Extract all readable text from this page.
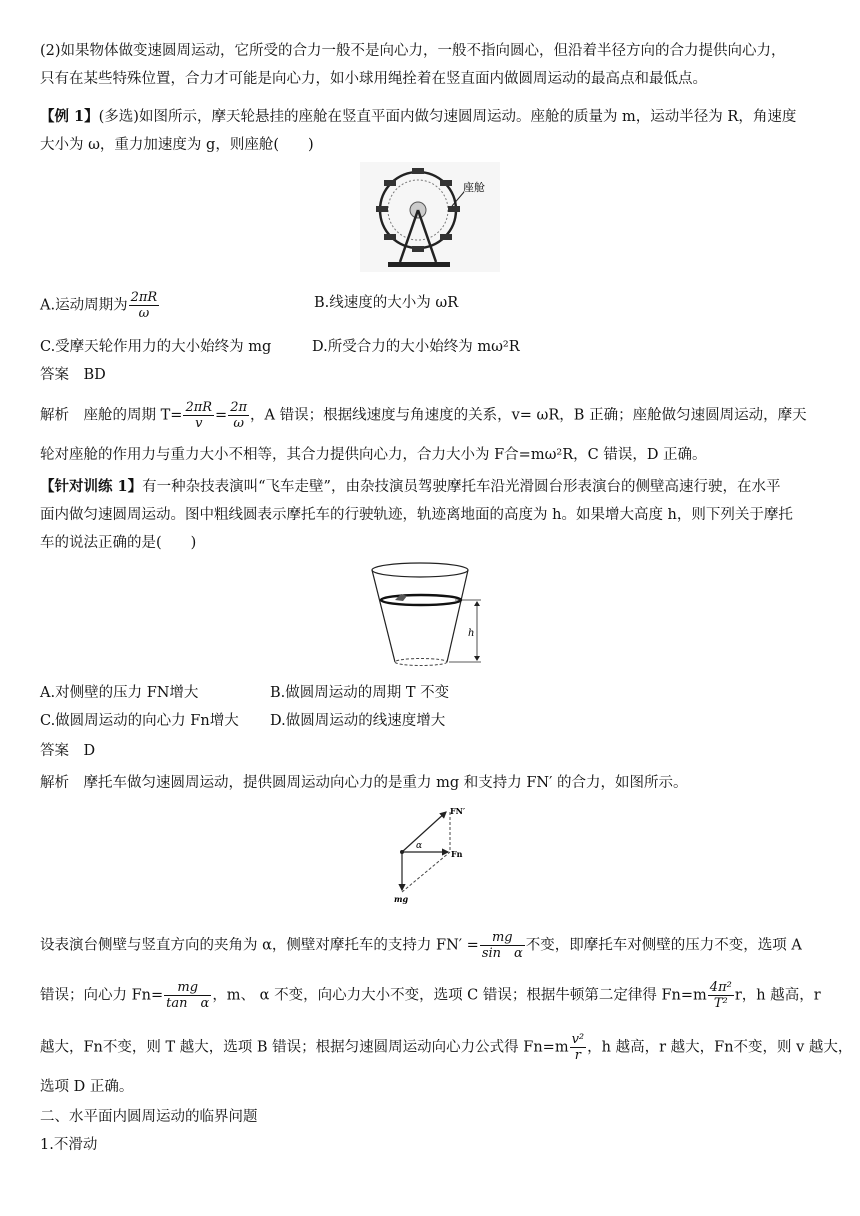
(2)如果物体做变速圆周运动，它所受的合力一般不是向心力，一般不指向圆心，但沿着半径方向的合力提供向心力，
只有在某些特殊位置，合力才可能是向心力，如小球用绳拴着在竖直面内做圆周运动的最高点和最低点。
【例 1】(多选)如图所示，摩天轮悬挂的座舱在竖直平面内做匀速圆周运动。座舱的质量为 m，运动半径为 R，角速度
大小为 ω，重力加速度为 g，则座舱(　　)
座舱
A.运动周期为 $\frac{2\pi R}{\omega}$	B.线速度的大小为 ωR
C.受摩天轮作用力的大小始终为 mg	D.所受合力的大小始终为 mω²R
答案　BD
解析　座舱的周期 $T= \frac{2\pi R}{v} = \frac{2\pi}{\omega}$ ，A 错误；根据线速度与角速度的关系，v= ωR，B 正确；座舱做匀速圆周运动，摩天
轮对座舱的作用力与重力大小不相等，其合力提供向心力，合力大小为 F合=mω²R，C 错误，D 正确。
【针对训练 1】有一种杂技表演叫“飞车走壁”，由杂技演员驾驶摩托车沿光滑圆台形表演台的侧壁高速行驶，在水平
面内做匀速圆周运动。图中粗线圆表示摩托车的行驶轨迹，轨迹离地面的高度为 h。如果增大高度 h，则下列关于摩托
车的说法正确的是(　　)
h
A.对侧壁的压力 FN增大	B.做圆周运动的周期 T 不变
C.做圆周运动的向心力 Fn增大 D.做圆周运动的线速度增大
答案　D
解析　摩托车做匀速圆周运动，提供圆周运动向心力的是重力 mg 和支持力 FN′ 的合力，如图所示。
FN′
Fn
α
mg
设表演台侧壁与竖直方向的夹角为 α，侧壁对摩托车的支持力 $FN' = \frac{mg}{\text{sin　α}}$ 不变，即摩托车对侧壁的压力不变，选项 A
错误；向心力 $Fn= \frac{mg}{\text{tan　α}}$ ，m、 α 不变，向心力大小不变，选项 C 错误；根据牛顿第二定律得 $Fn=m \frac{\text{4π²}}{\text{T²}}$ r，h 越高，r
越大，Fn不变，则 T 越大，选项 B 错误；根据匀速圆周运动向心力公式得 $Fn=m \frac{\text{v²}}{r}$ ，h 越高，r 越大，Fn不变，则 v 越大，
选项 D 正确。
二、水平面内圆周运动的临界问题
1.不滑动
